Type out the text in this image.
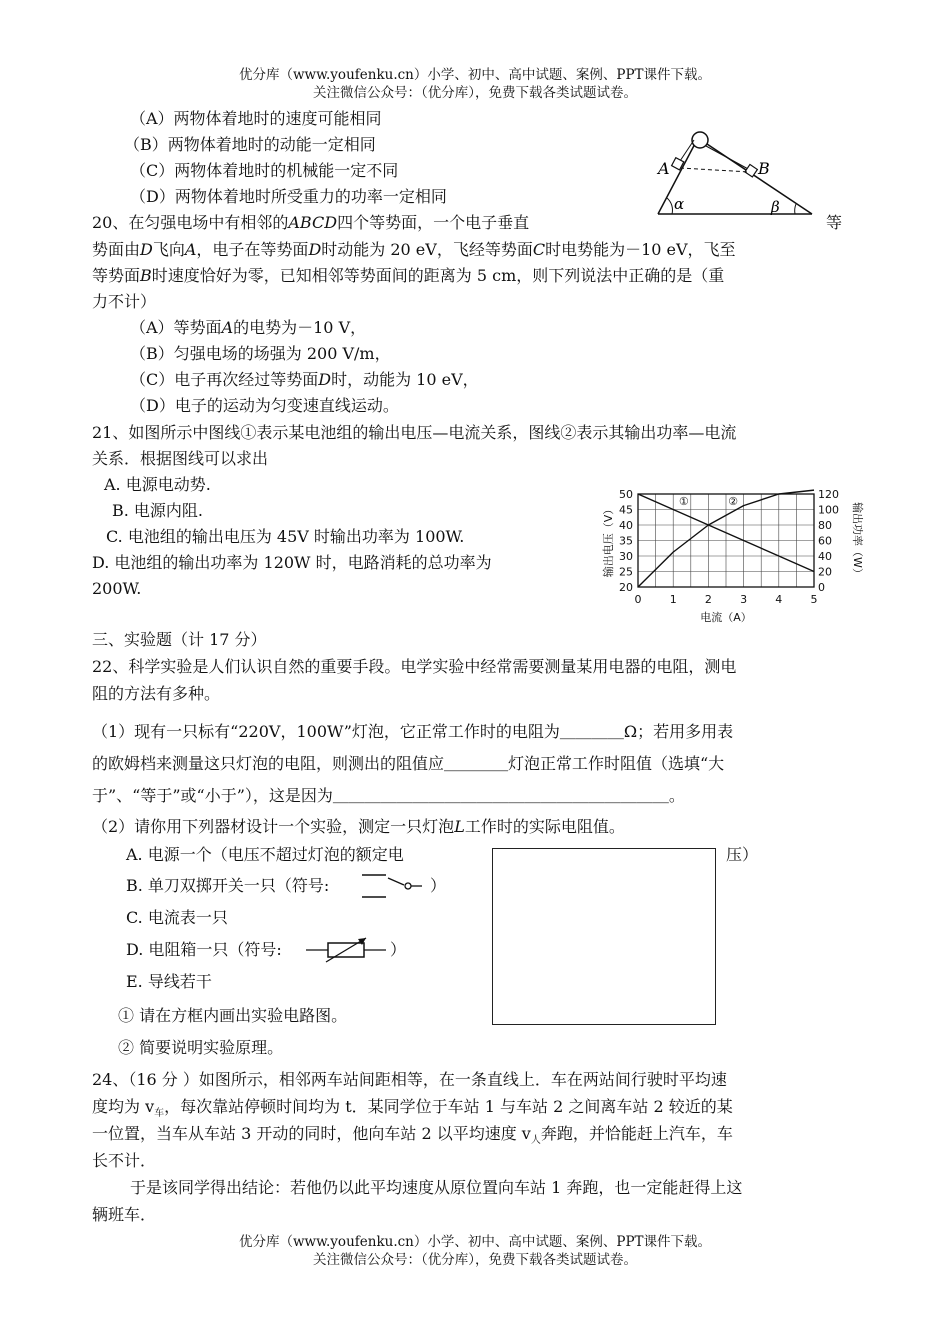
优分库（www.youfenku.cn）小学、初中、高中试题、案例、PPT课件下载。
关注微信公众号：（优分库），免费下载各类试题试卷。
（A）两物体着地时的速度可能相同
（B）两物体着地时的动能一定相同
（C）两物体着地时的机械能一定不同
（D）两物体着地时所受重力的功率一定相同
A	B
α	β
20、在匀强电场中有相邻的ABCD四个等势面，一个电子垂直	等
势面由D飞向A，电子在等势面D时动能为 20 eV，飞经等势面C时电势能为－10 eV，飞至
等势面B时速度恰好为零，已知相邻等势面间的距离为 5 cm，则下列说法中正确的是（重
力不计）
（A）等势面A的电势为－10 V，
（B）匀强电场的场强为 200 V/m，
（C）电子再次经过等势面D时，动能为 10 eV，
（D）电子的运动为匀变速直线运动。
21、如图所示中图线①表示某电池组的输出电压—电流关系，图线②表示其输出功率—电流
关系．根据图线可以求出
A. 电源电动势.
B. 电源内阻.
C. 电池组的输出电压为 45V 时输出功率为 100W.
D. 电池组的输出功率为 120W 时，电路消耗的总功率为
200W.
0	1	2	3	4	5
20
25
30
35
40
45
50
0
20
40
60
80
100
120
电流（A）
输出电压（V）	输出功率（W）
①	②
三、实验题（计 17 分）
22、科学实验是人们认识自然的重要手段。电学实验中经常需要测量某用电器的电阻，测电
阻的方法有多种。
（1）现有一只标有“220V，100W”灯泡，它正常工作时的电阻为＿＿＿＿Ω；若用多用表
的欧姆档来测量这只灯泡的电阻，则测出的阻值应＿＿＿＿灯泡正常工作时阻值（选填“大
于”、“等于”或“小于”），这是因为＿＿＿＿＿＿＿＿＿＿＿＿＿＿＿＿＿＿＿＿＿。
（2）请你用下列器材设计一个实验，测定一只灯泡L工作时的实际电阻值。
A. 电源一个（电压不超过灯泡的额定电	压）
B. 单刀双掷开关一只（符号:	）
C. 电流表一只
D. 电阻箱一只（符号:	）
E. 导线若干
① 请在方框内画出实验电路图。
② 简要说明实验原理。
24、（16 分 ）如图所示，相邻两车站间距相等，在一条直线上．车在两站间行驶时平均速
度均为 $v_车$，每次靠站停顿时间均为 t．某同学位于车站 1 与车站 2 之间离车站 2 较近的某
一位置，当车从车站 3 开动的同时，他向车站 2 以平均速度 $v_人$奔跑，并恰能赶上汽车，车
长不计．
于是该同学得出结论：若他仍以此平均速度从原位置向车站 1 奔跑，也一定能赶得上这
辆班车．
优分库（www.youfenku.cn）小学、初中、高中试题、案例、PPT课件下载。
关注微信公众号：（优分库），免费下载各类试题试卷。
